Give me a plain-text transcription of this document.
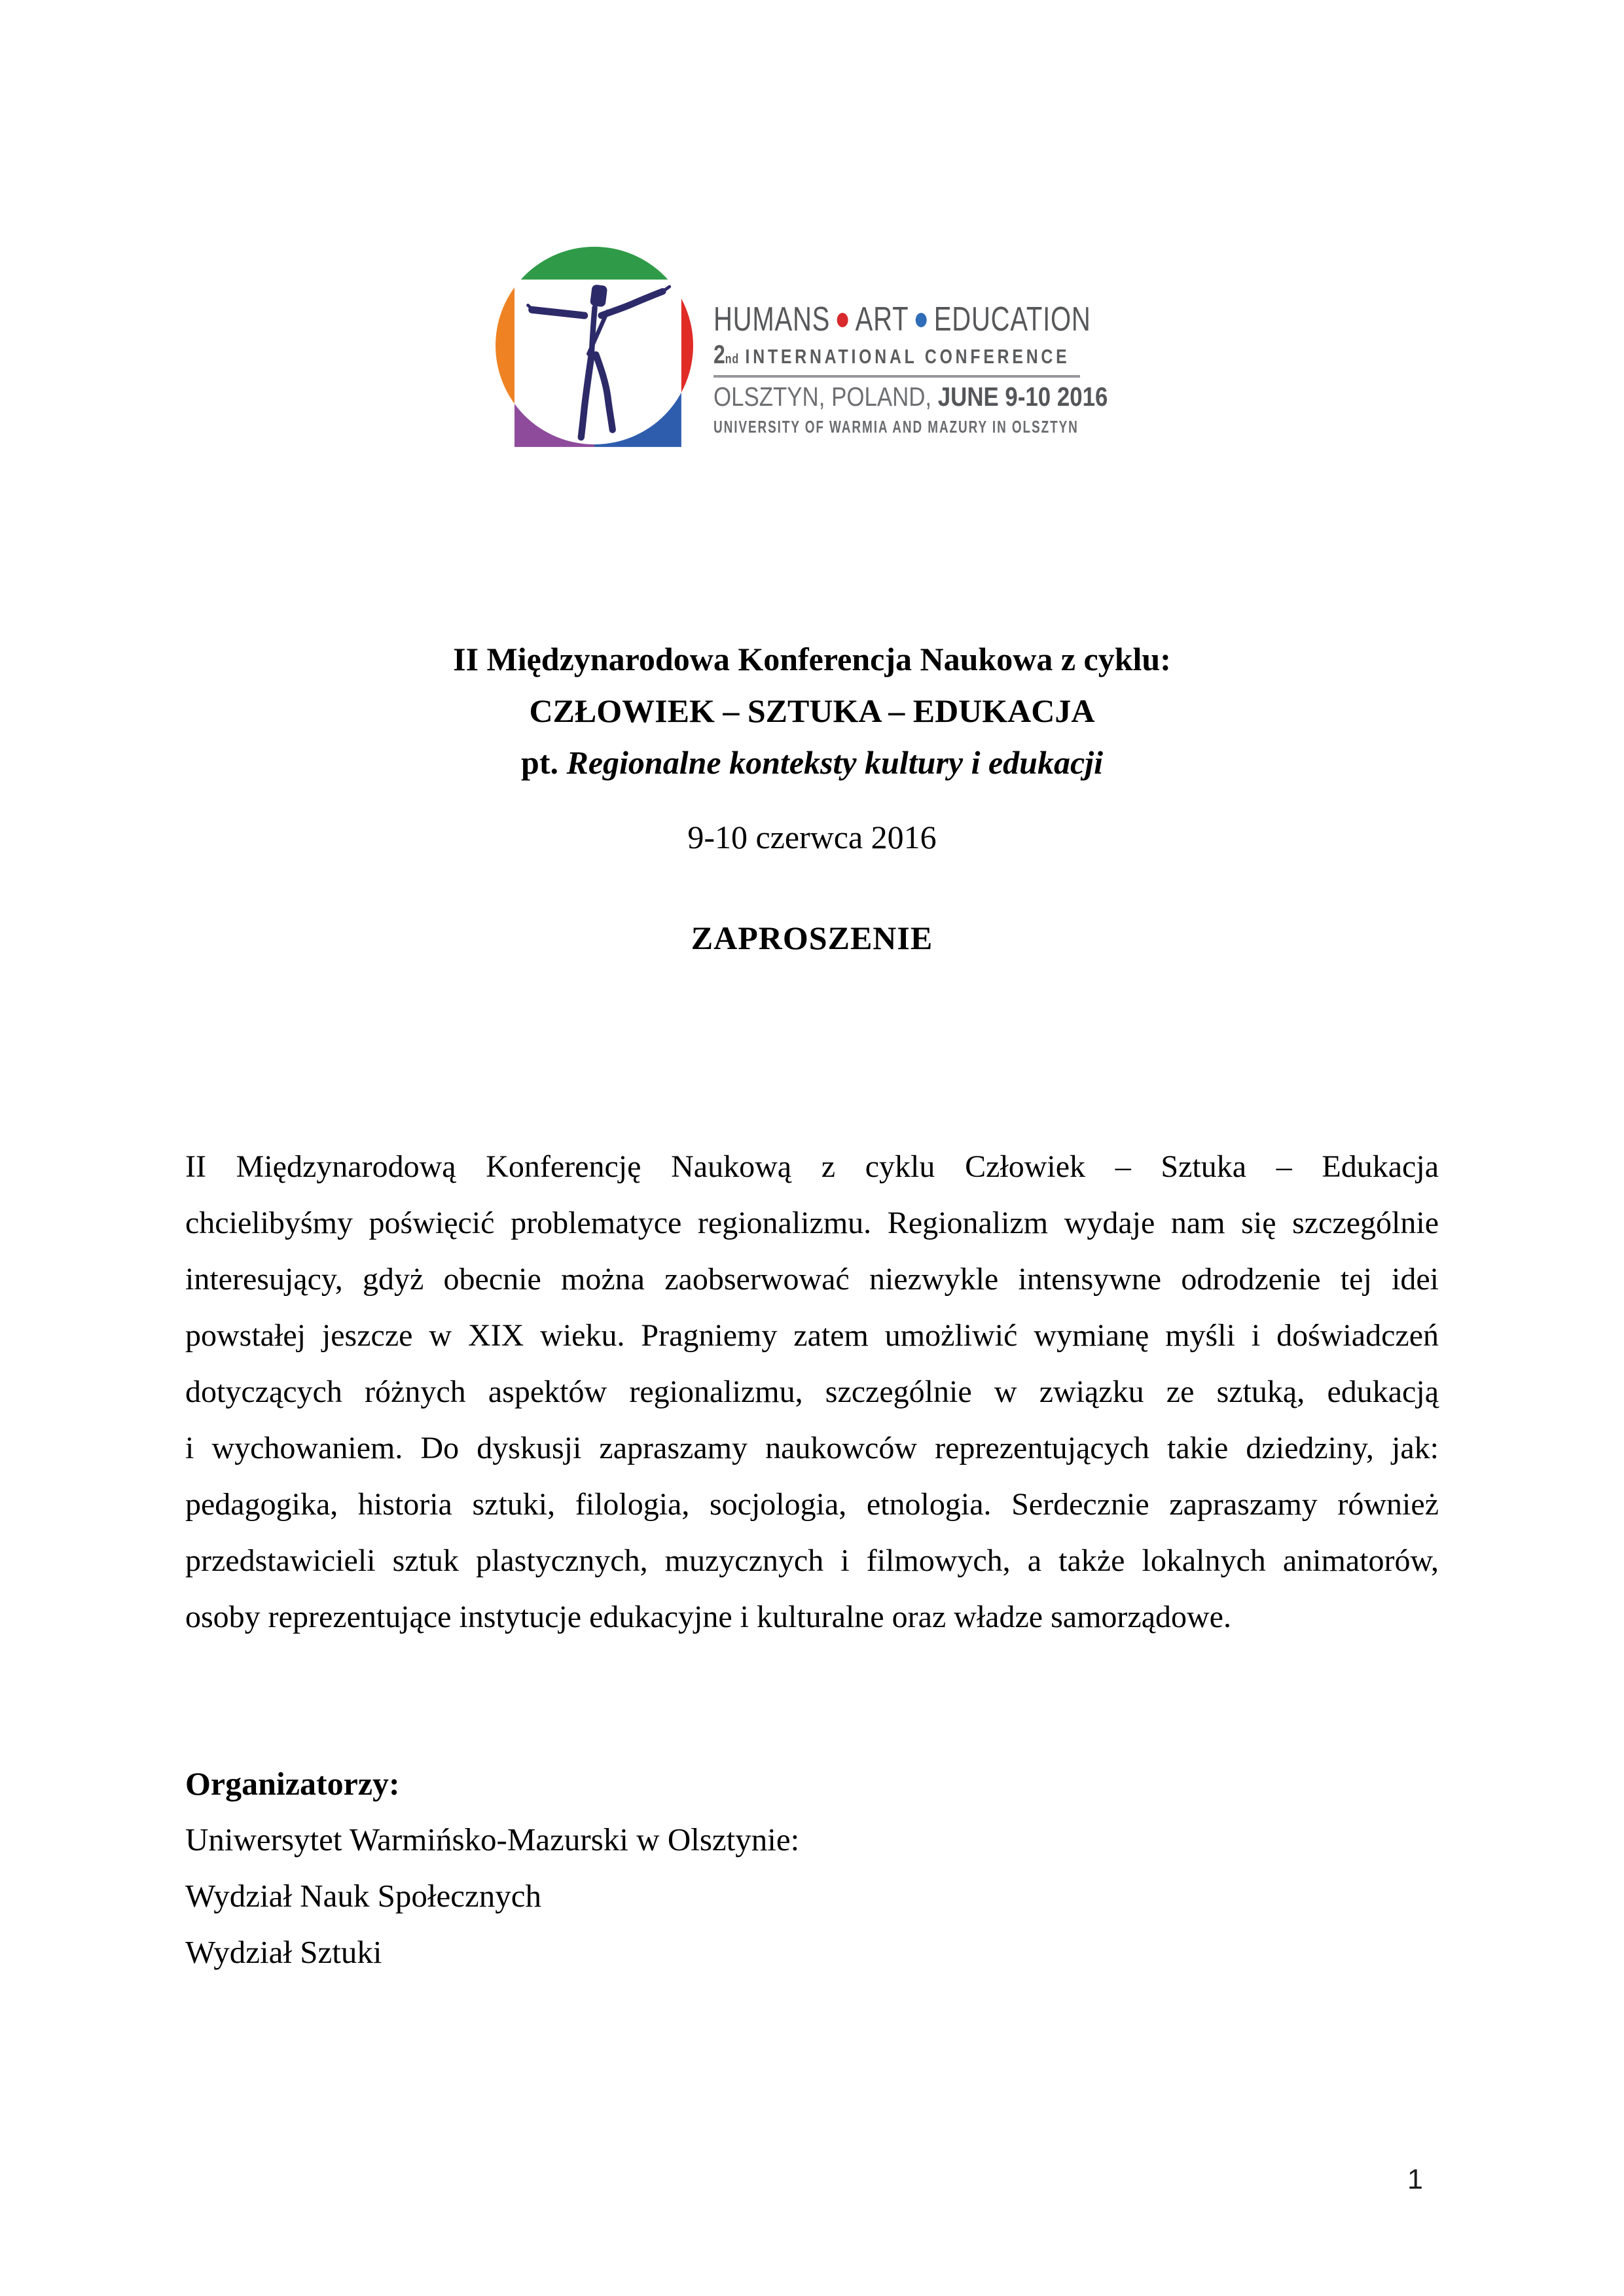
HUMANS ART EDUCATION
2nd INTERNATIONAL CONFERENCE
OLSZTYN, POLAND, JUNE 9-10 2016
UNIVERSITY OF WARMIA AND MAZURY IN OLSZTYN
II Międzynarodowa Konferencja Naukowa z cyklu:
CZŁOWIEK – SZTUKA – EDUKACJA
pt. Regionalne konteksty kultury i edukacji
9-10 czerwca 2016
ZAPROSZENIE
II Międzynarodową Konferencję Naukową z cyklu Człowiek – Sztuka – Edukacja
chcielibyśmy poświęcić problematyce regionalizmu. Regionalizm wydaje nam się szczególnie
interesujący, gdyż obecnie można zaobserwować niezwykle intensywne odrodzenie tej idei
powstałej jeszcze w XIX wieku. Pragniemy zatem umożliwić wymianę myśli i doświadczeń
dotyczących różnych aspektów regionalizmu, szczególnie w związku ze sztuką, edukacją
i wychowaniem. Do dyskusji zapraszamy naukowców reprezentujących takie dziedziny, jak:
pedagogika, historia sztuki, filologia, socjologia, etnologia. Serdecznie zapraszamy również
przedstawicieli sztuk plastycznych, muzycznych i filmowych, a także lokalnych animatorów,
osoby reprezentujące instytucje edukacyjne i kulturalne oraz władze samorządowe.
Organizatorzy:
Uniwersytet Warmińsko-Mazurski w Olsztynie:
Wydział Nauk Społecznych
Wydział Sztuki
1
